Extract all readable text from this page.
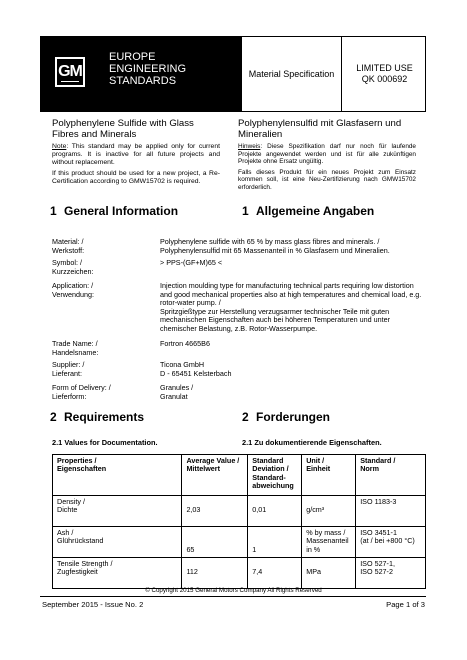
GM
EUROPE
ENGINEERING
STANDARDS
Material Specification
LIMITED USE
QK 000692
Polyphenylene Sulfide with Glass Fibres and Minerals
Note: This standard may be applied only for current programs. It is inactive for all future projects and without replacement.
If this product should be used for a new project, a Re-Certification according to GMW15702 is required.
Polyphenylensulfid mit Glasfasern und Mineralien
Hinweis: Diese Spezifikation darf nur noch für laufende Projekte angewendet werden und ist für alle zukünftigen Projekte ohne Ersatz ungültig.
Falls dieses Produkt für ein neues Projekt zum Einsatz kommen soll, ist eine Neu-Zertifizierung nach GMW15702 erforderlich.
1 General Information	1 Allgemeine Angaben
Material: /
Werkstoff:
Polyphenylene sulfide with 65 % by mass glass fibres and minerals. /
Polyphenylensulfid mit 65 Massenanteil in % Glasfasern und Mineralien.
Symbol: /
Kurzzeichen:
> PPS-(GF+M)65 <
Application: /
Verwendung:
Injection moulding type for manufacturing technical parts requiring low distortion and good mechanical properties also at high temperatures and chemical load, e.g. rotor-water pump. /
Spritzgießtype zur Herstellung verzugsarmer technischer Teile mit guten mechanischen Eigenschaften auch bei höheren Temperaturen und unter chemischer Belastung, z.B. Rotor-Wasserpumpe.
Trade Name: /
Handelsname:
Fortron 4665B6
Supplier: /
Lieferant:
Ticona GmbH
D - 65451 Kelsterbach
Form of Delivery: /
Lieferform:
Granules /
Granulat
2 Requirements	2 Forderungen
2.1 Values for Documentation.	2.1 Zu dokumentierende Eigenschaften.
Properties /
Eigenschaften	Average Value /
Mittelwert	Standard
Deviation /
Standard-
abweichung	Unit /
Einheit	Standard /
Norm
Density /
Dichte	2,03	0,01	g/cm³	ISO 1183-3
Ash /
Glührückstand	65	1	% by mass /
Massenanteil
in %	ISO 3451-1
(at / bei +800 °C)
Tensile Strength /
Zugfestigkeit	112	7,4	MPa	ISO 527-1,
ISO 527-2
© Copyright 2015 General Motors Company All Rights Reserved
September 2015 - Issue No. 2	Page 1 of 3
